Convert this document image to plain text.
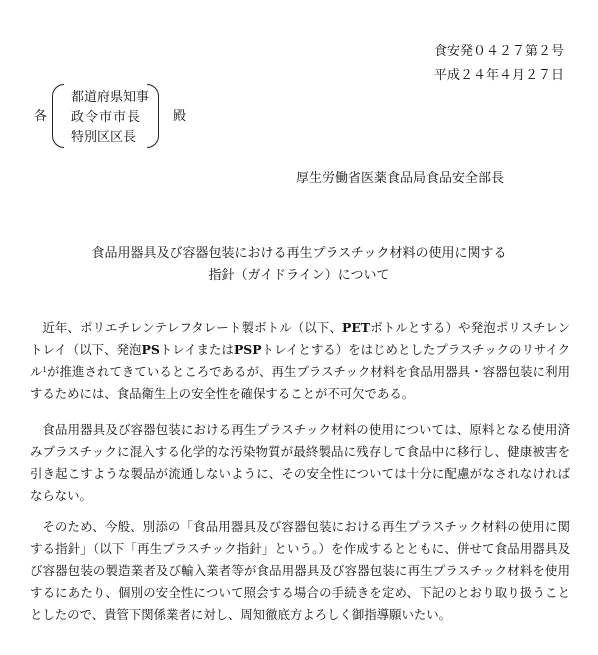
食安発０４２７第２号
平成２４年４月２７日
各
都道府県知事
政令市市長
特別区区長
殿
厚生労働省医薬食品局食品安全部長
食品用器具及び容器包装における再生プラスチック材料の使用に関する
指針（ガイドライン）について
近年、ポリエチレンテレフタレート製ボトル（以下、PETボトルとする）や発泡ポリスチレントレイ（以下、発泡PSトレイまたはPSPトレイとする）をはじめとしたプラスチックのリサイクル$^1$が推進されてきているところであるが、再生プラスチック材料を食品用器具・容器包装に利用するためには、食品衛生上の安全性を確保することが不可欠である。
食品用器具及び容器包装における再生プラスチック材料の使用については、原料となる使用済みプラスチックに混入する化学的な汚染物質が最終製品に残存して食品中に移行し、健康被害を引き起こすような製品が流通しないように、その安全性については十分に配慮がなされなければならない。
そのため、今般、別添の「食品用器具及び容器包装における再生プラスチック材料の使用に関する指針」（以下「再生プラスチック指針」という。）を作成するとともに、併せて食品用器具及び容器包装の製造業者及び輸入業者等が食品用器具及び容器包装に再生プラスチック材料を使用するにあたり、個別の安全性について照会する場合の手続きを定め、下記のとおり取り扱うこととしたので、貴管下関係業者に対し、周知徹底方よろしく御指導願いたい。
